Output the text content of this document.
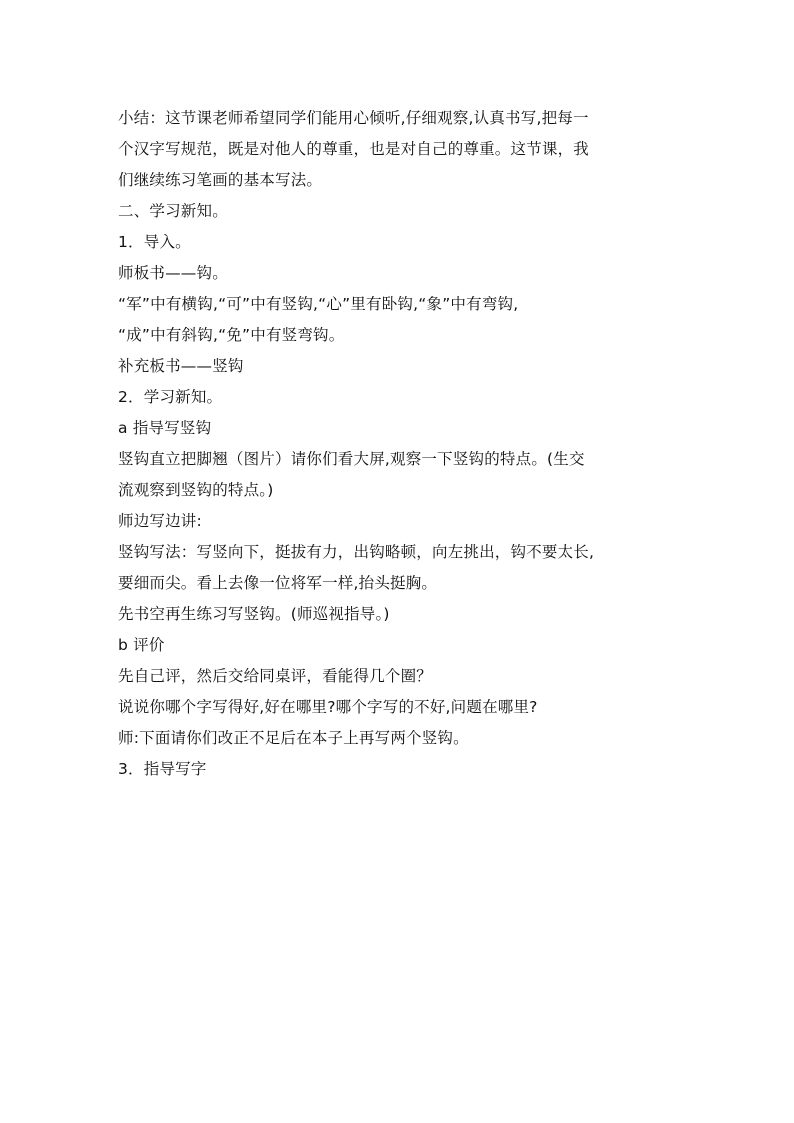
小结：这节课老师希望同学们能用心倾听,仔细观察,认真书写,把每一

个汉字写规范，既是对他人的尊重，也是对自己的尊重。这节课，我

们继续练习笔画的基本写法。

二、学习新知。

1．导入。

师板书——钩。

“军”中有横钩,“可”中有竖钩,“心”里有卧钩,“象”中有弯钩,

“成”中有斜钩,“免”中有竖弯钩。

补充板书——竖钩

2．学习新知。

a 指导写竖钩

竖钩直立把脚翘（图片）请你们看大屏,观察一下竖钩的特点。(生交

流观察到竖钩的特点。)

师边写边讲:

竖钩写法：写竖向下，挺拔有力，出钩略顿，向左挑出，钩不要太长,

要细而尖。看上去像一位将军一样,抬头挺胸。

先书空再生练习写竖钩。(师巡视指导。)

b 评价

先自己评，然后交给同桌评，看能得几个圈？

说说你哪个字写得好,好在哪里?哪个字写的不好,问题在哪里?

师:下面请你们改正不足后在本子上再写两个竖钩。

3．指导写字
